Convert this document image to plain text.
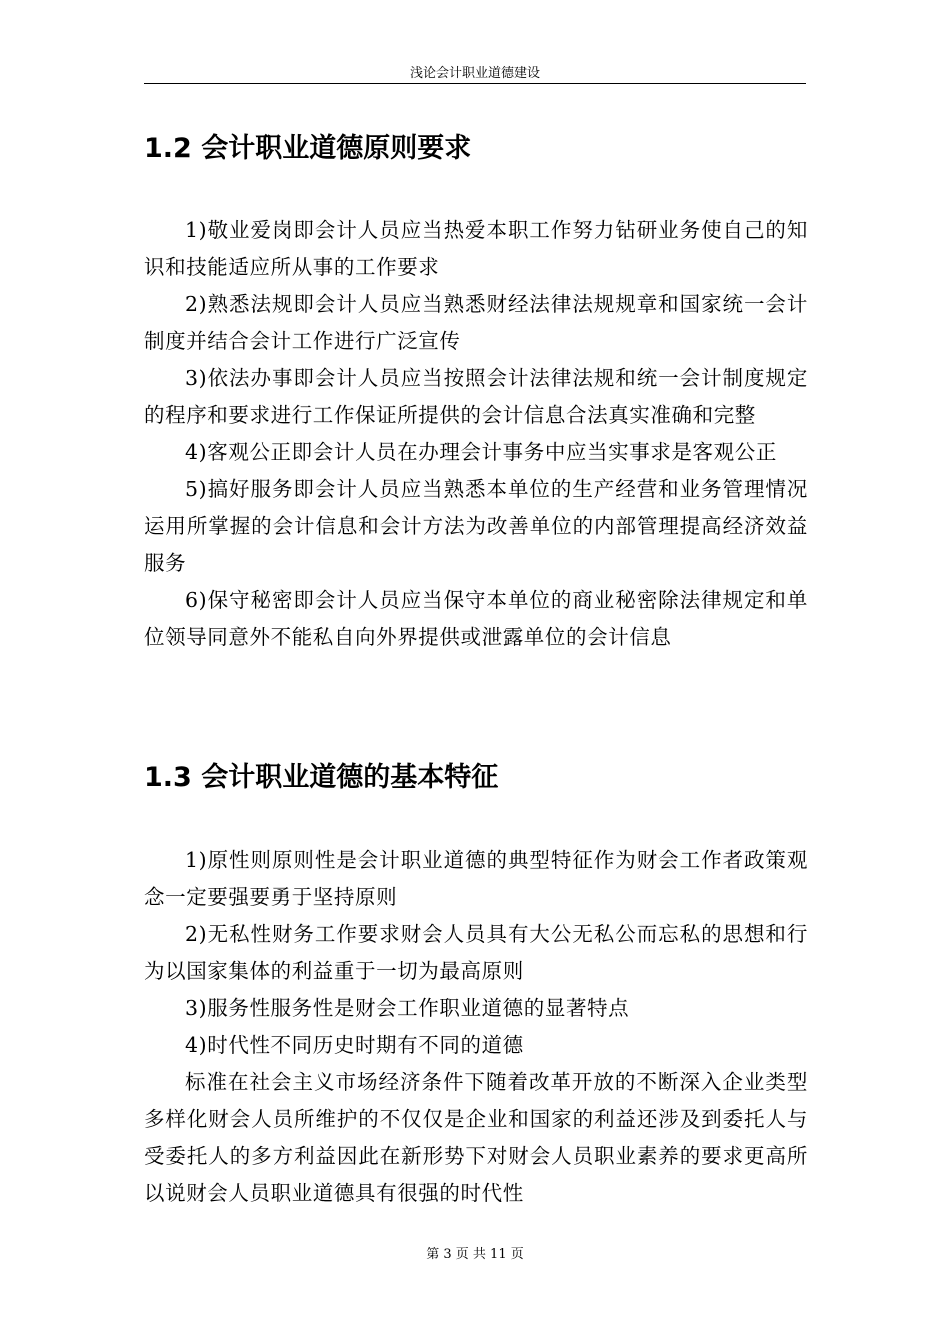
浅论会计职业道德建设
1.2 会计职业道德原则要求

1)敬业爱岗即会计人员应当热爱本职工作努力钻研业务使自己的知识和技能适应所从事的工作要求

2)熟悉法规即会计人员应当熟悉财经法律法规规章和国家统一会计制度并结合会计工作进行广泛宣传

3)依法办事即会计人员应当按照会计法律法规和统一会计制度规定的程序和要求进行工作保证所提供的会计信息合法真实准确和完整

4)客观公正即会计人员在办理会计事务中应当实事求是客观公正

5)搞好服务即会计人员应当熟悉本单位的生产经营和业务管理情况运用所掌握的会计信息和会计方法为改善单位的内部管理提高经济效益服务

6)保守秘密即会计人员应当保守本单位的商业秘密除法律规定和单位领导同意外不能私自向外界提供或泄露单位的会计信息

1.3 会计职业道德的基本特征

1)原性则原则性是会计职业道德的典型特征作为财会工作者政策观念一定要强要勇于坚持原则

2)无私性财务工作要求财会人员具有大公无私公而忘私的思想和行为以国家集体的利益重于一切为最高原则

3)服务性服务性是财会工作职业道德的显著特点

4)时代性不同历史时期有不同的道德

标准在社会主义市场经济条件下随着改革开放的不断深入企业类型多样化财会人员所维护的不仅仅是企业和国家的利益还涉及到委托人与受委托人的多方利益因此在新形势下对财会人员职业素养的要求更高所以说财会人员职业道德具有很强的时代性

第 3 页 共 11 页
